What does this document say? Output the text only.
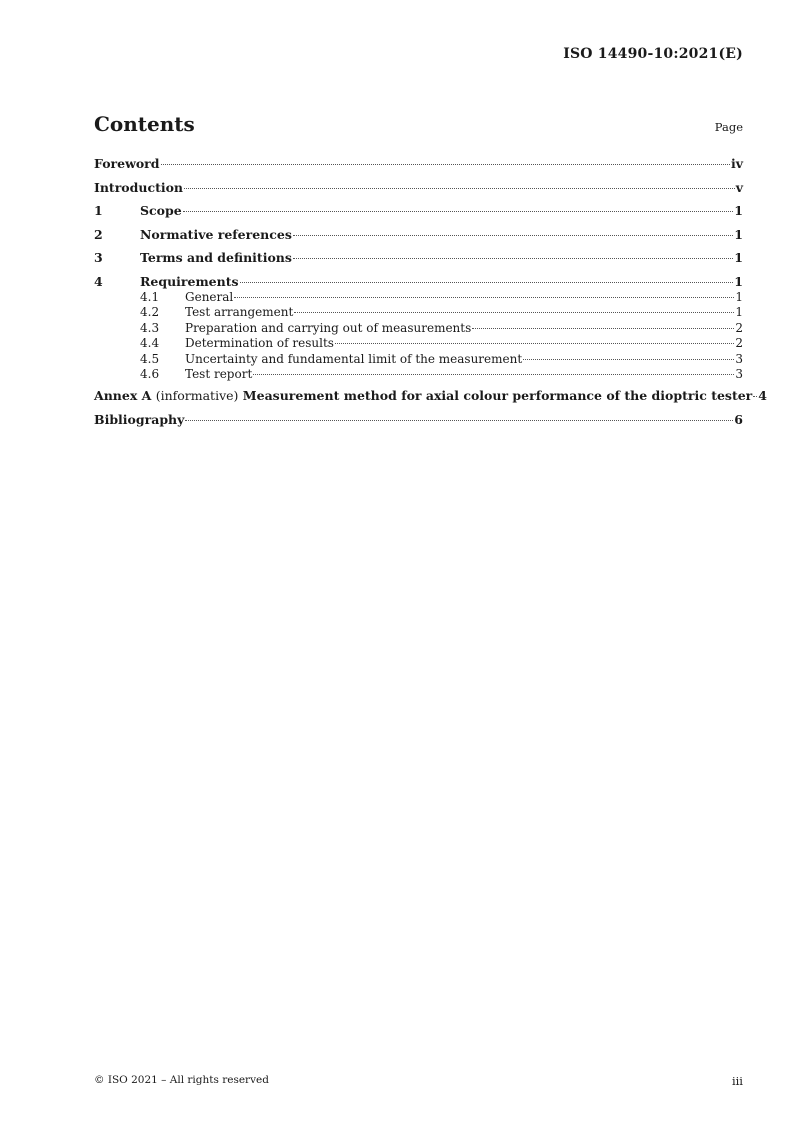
ISO 14490-10:2021(E)
Contents	Page
Foreword	iv
Introduction	v
1	Scope	1
2	Normative references	1
3	Terms and definitions	1
4	Requirements	1
4.1	General	1
4.2	Test arrangement	1
4.3	Preparation and carrying out of measurements	2
4.4	Determination of results	2
4.5	Uncertainty and fundamental limit of the measurement	3
4.6	Test report	3
Annex A (informative) Measurement method for axial colour performance of the dioptric tester 4
Bibliography	6
© ISO 2021 – All rights reserved	iii
